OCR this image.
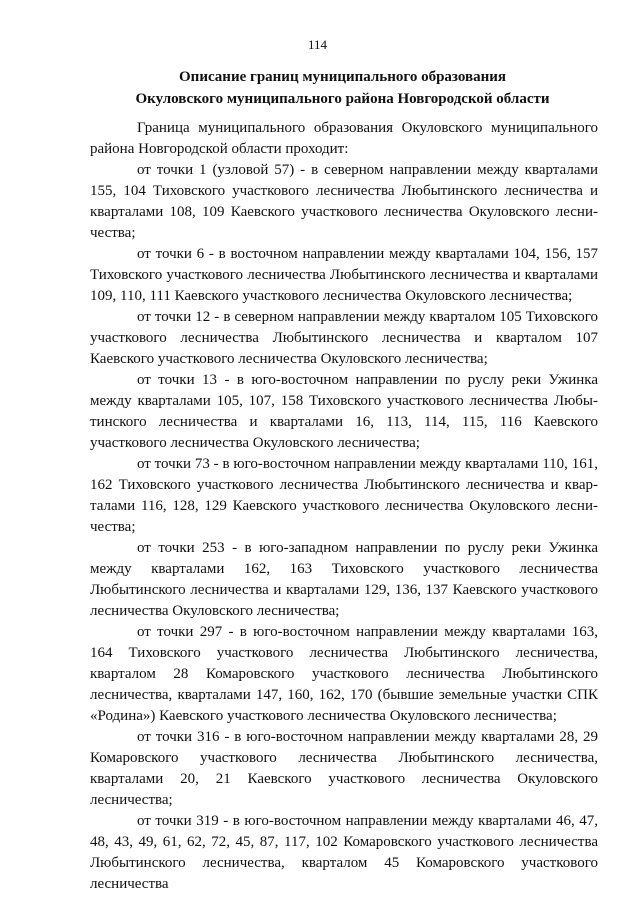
114
Описание границ муниципального образования
Окуловского муниципального района Новгородской области

Граница муниципального образования Окуловского муниципального района Новгородской области проходит:

от точки 1 (узловой 57) - в северном направлении между кварталами 155, 104 Тиховского участкового лесничества Любытинского лесничества и кварталами 108, 109 Каевского участкового лесничества Окуловского лесничества;

от точки 6 - в восточном направлении между кварталами 104, 156, 157 Тиховского участкового лесничества Любытинского лесничества и кварталами 109, 110, 111 Каевского участкового лесничества Окуловского лесничества;

от точки 12 - в северном направлении между кварталом 105 Тиховского участкового лесничества Любытинского лесничества и кварталом 107 Каевского участкового лесничества Окуловского лесничества;

от точки 13 - в юго-восточном направлении по руслу реки Ужинка между кварталами 105, 107, 158 Тиховского участкового лесничества Любытинского лесничества и кварталами 16, 113, 114, 115, 116 Каевского участкового лесничества Окуловского лесничества;

от точки 73 - в юго-восточном направлении между кварталами 110, 161, 162 Тиховского участкового лесничества Любытинского лесничества и кварталами 116, 128, 129 Каевского участкового лесничества Окуловского лесничества;

от точки 253 - в юго-западном направлении по руслу реки Ужинка между кварталами 162, 163 Тиховского участкового лесничества Любытинского лесничества и кварталами 129, 136, 137 Каевского участкового лесничества Окуловского лесничества;

от точки 297 - в юго-восточном направлении между кварталами 163, 164 Тиховского участкового лесничества Любытинского лесничества, кварталом 28 Комаровского участкового лесничества Любытинского лесничества, кварталами 147, 160, 162, 170 (бывшие земельные участки СПК «Родина») Каевского участкового лесничества Окуловского лесничества;

от точки 316 - в юго-восточном направлении между кварталами 28, 29 Комаровского участкового лесничества Любытинского лесничества, кварталами 20, 21 Каевского участкового лесничества Окуловского лесничества;

от точки 319 - в юго-восточном направлении между кварталами 46, 47, 48, 43, 49, 61, 62, 72, 45, 87, 117, 102 Комаровского участкового лесничества Любытинского лесничества, кварталом 45 Комаровского участкового лесничества
